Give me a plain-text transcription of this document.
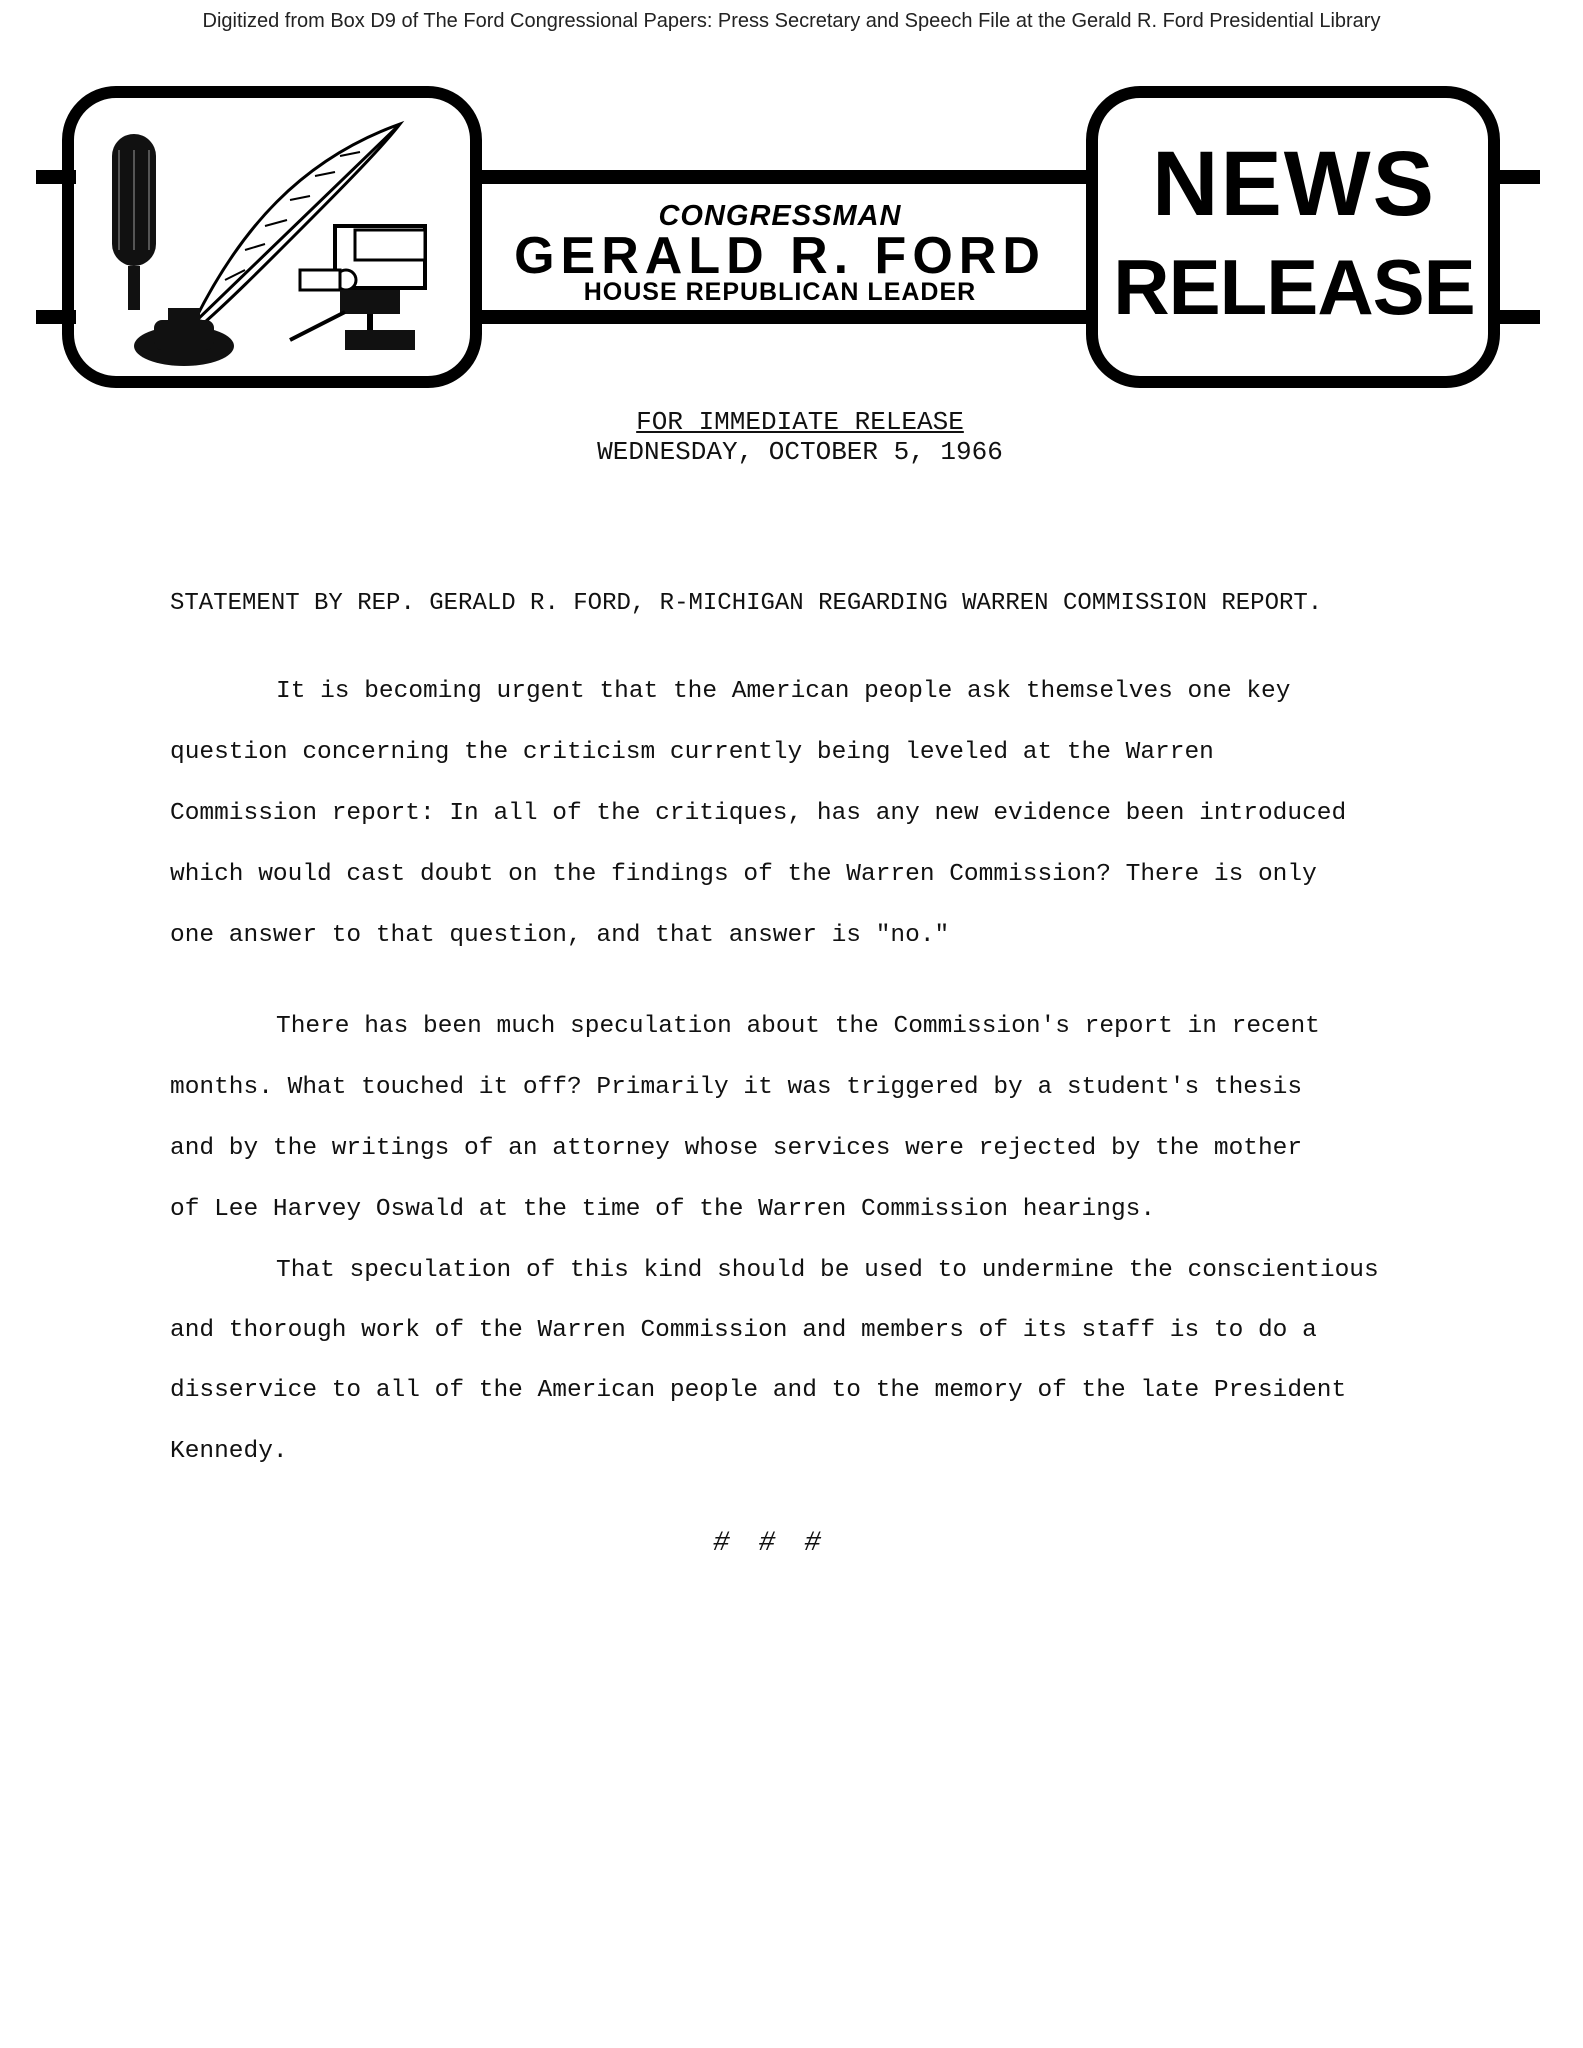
Digitized from Box D9 of The Ford Congressional Papers: Press Secretary and Speech File at the Gerald R. Ford Presidential Library
CONGRESSMAN
GERALD R. FORD
HOUSE REPUBLICAN LEADER
NEWS
RELEASE
FOR IMMEDIATE RELEASE
WEDNESDAY, OCTOBER 5, 1966
STATEMENT BY REP. GERALD R. FORD, R-MICHIGAN REGARDING WARREN COMMISSION REPORT.
It is becoming urgent that the American people ask themselves one key
question concerning the criticism currently being leveled at the Warren
Commission report: In all of the critiques, has any new evidence been introduced
which would cast doubt on the findings of the Warren Commission? There is only
one answer to that question, and that answer is "no."
There has been much speculation about the Commission's report in recent
months. What touched it off? Primarily it was triggered by a student's thesis
and by the writings of an attorney whose services were rejected by the mother
of Lee Harvey Oswald at the time of the Warren Commission hearings.
That speculation of this kind should be used to undermine the conscientious
and thorough work of the Warren Commission and members of its staff is to do a
disservice to all of the American people and to the memory of the late President
Kennedy.
# # #
